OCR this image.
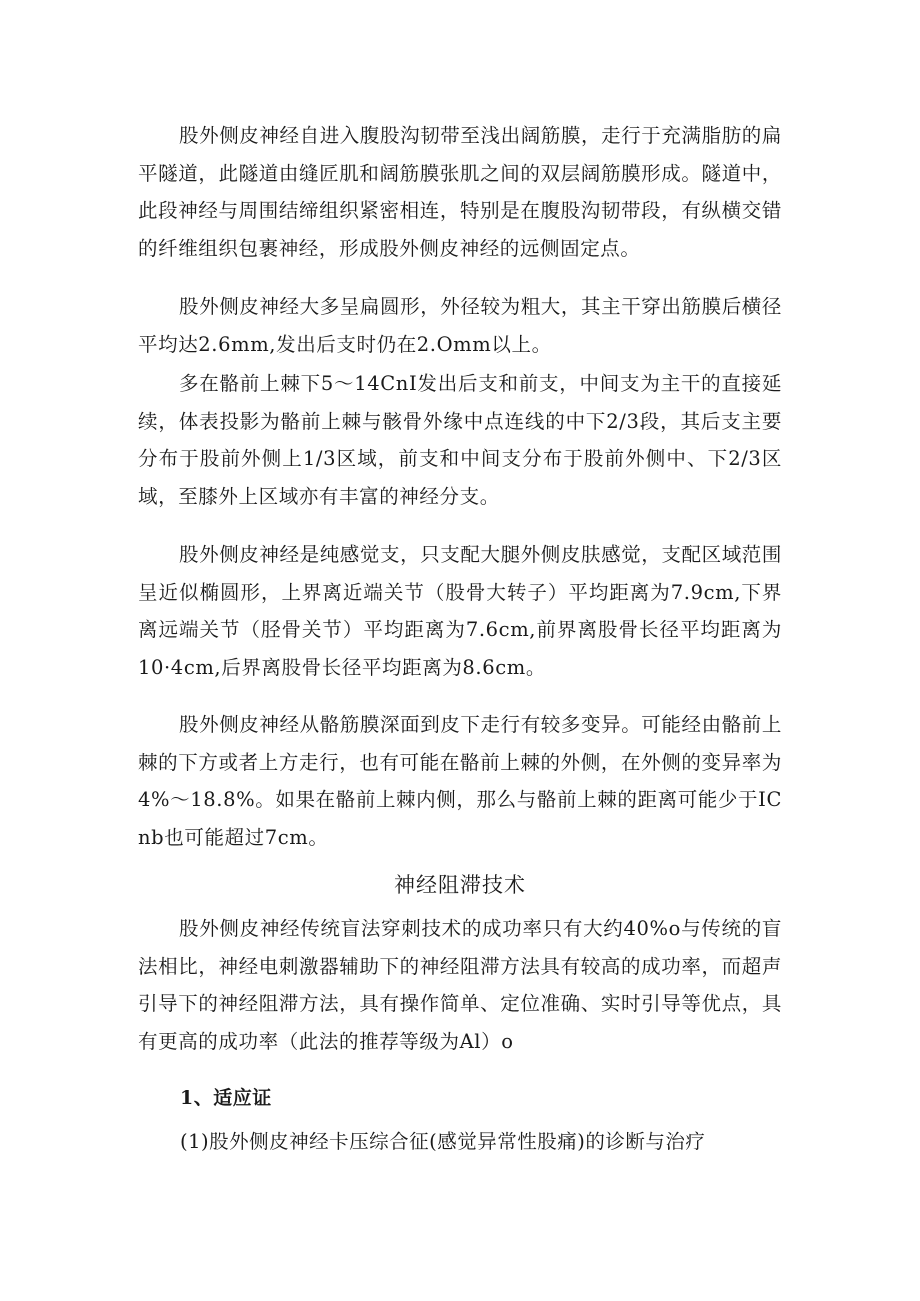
股外侧皮神经自进入腹股沟韧带至浅出阔筋膜，走行于充满脂肪的扁平隧道，此隧道由缝匠肌和阔筋膜张肌之间的双层阔筋膜形成。隧道中，此段神经与周围结缔组织紧密相连，特别是在腹股沟韧带段，有纵横交错的纤维组织包裹神经，形成股外侧皮神经的远侧固定点。

股外侧皮神经大多呈扁圆形，外径较为粗大，其主干穿出筋膜后横径平均达2.6mm,发出后支时仍在2.Omm以上。

多在骼前上棘下5～14CnI发出后支和前支，中间支为主干的直接延续，体表投影为骼前上棘与骸骨外缘中点连线的中下2/3段，其后支主要分布于股前外侧上1/3区域，前支和中间支分布于股前外侧中、下2/3区域，至膝外上区域亦有丰富的神经分支。

股外侧皮神经是纯感觉支，只支配大腿外侧皮肤感觉，支配区域范围呈近似椭圆形，上界离近端关节（股骨大转子）平均距离为7.9cm,下界离远端关节（胫骨关节）平均距离为7.6cm,前界离股骨长径平均距离为10·4cm,后界离股骨长径平均距离为8.6cm。

股外侧皮神经从骼筋膜深面到皮下走行有较多变异。可能经由骼前上棘的下方或者上方走行，也有可能在骼前上棘的外侧，在外侧的变异率为4%～18.8%。如果在骼前上棘内侧，那么与骼前上棘的距离可能少于ICnb也可能超过7cm。

神经阻滞技术

股外侧皮神经传统盲法穿刺技术的成功率只有大约40%o与传统的盲法相比，神经电刺激器辅助下的神经阻滞方法具有较高的成功率，而超声引导下的神经阻滞方法，具有操作简单、定位准确、实时引导等优点，具有更高的成功率（此法的推荐等级为Al）o

1、适应证

(1)股外侧皮神经卡压综合征(感觉异常性股痛)的诊断与治疗
